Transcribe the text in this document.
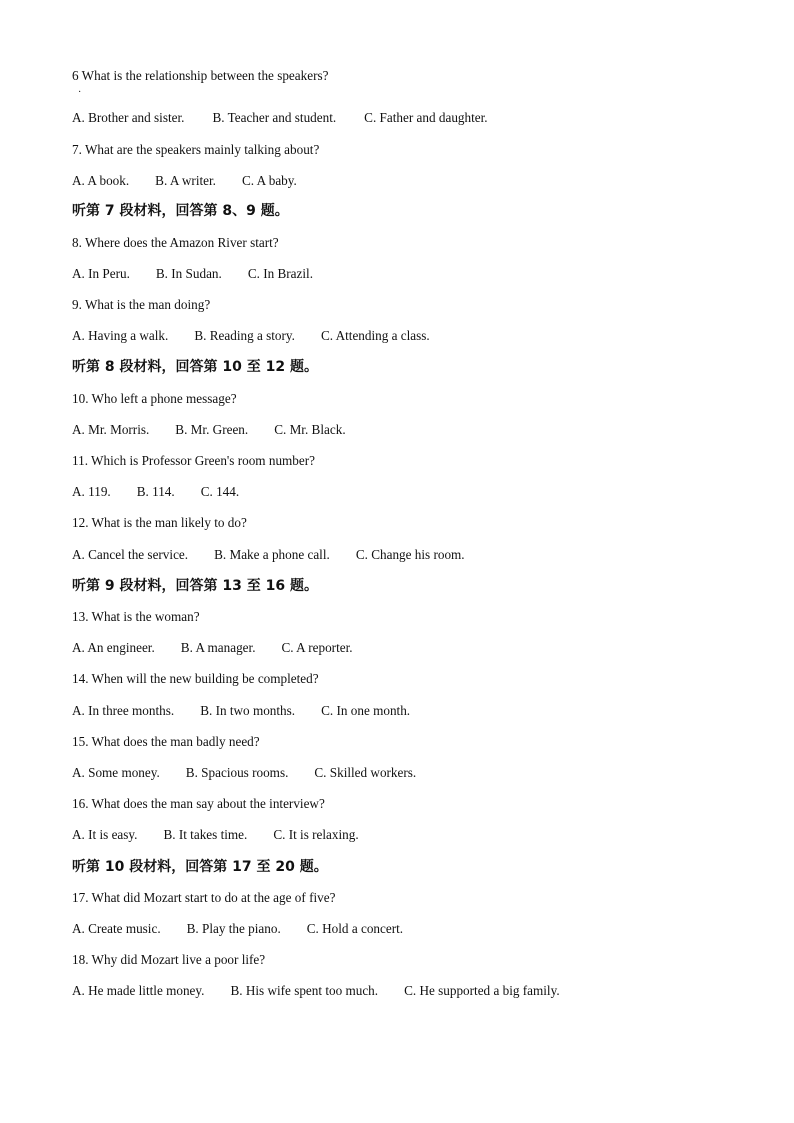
6 What is the relationship between the speakers?
·
A. Brother and sister. B. Teacher and student. C. Father and daughter.
7. What are the speakers mainly talking about?
A. A book. B. A writer. C. A baby.
听第 7 段材料，回答第 8、9 题。
8. Where does the Amazon River start?
A. In Peru. B. In Sudan. C. In Brazil.
9. What is the man doing?
A. Having a walk. B. Reading a story. C. Attending a class.
听第 8 段材料，回答第 10 至 12 题。
10. Who left a phone message?
A. Mr. Morris. B. Mr. Green. C. Mr. Black.
11. Which is Professor Green's room number?
A. 119. B. 114. C. 144.
12. What is the man likely to do?
A. Cancel the service. B. Make a phone call. C. Change his room.
听第 9 段材料，回答第 13 至 16 题。
13. What is the woman?
A. An engineer. B. A manager. C. A reporter.
14. When will the new building be completed?
A. In three months. B. In two months. C. In one month.
15. What does the man badly need?
A. Some money. B. Spacious rooms. C. Skilled workers.
16. What does the man say about the interview?
A. It is easy. B. It takes time. C. It is relaxing.
听第 10 段材料，回答第 17 至 20 题。
17. What did Mozart start to do at the age of five?
A. Create music. B. Play the piano. C. Hold a concert.
18. Why did Mozart live a poor life?
A. He made little money. B. His wife spent too much. C. He supported a big family.
